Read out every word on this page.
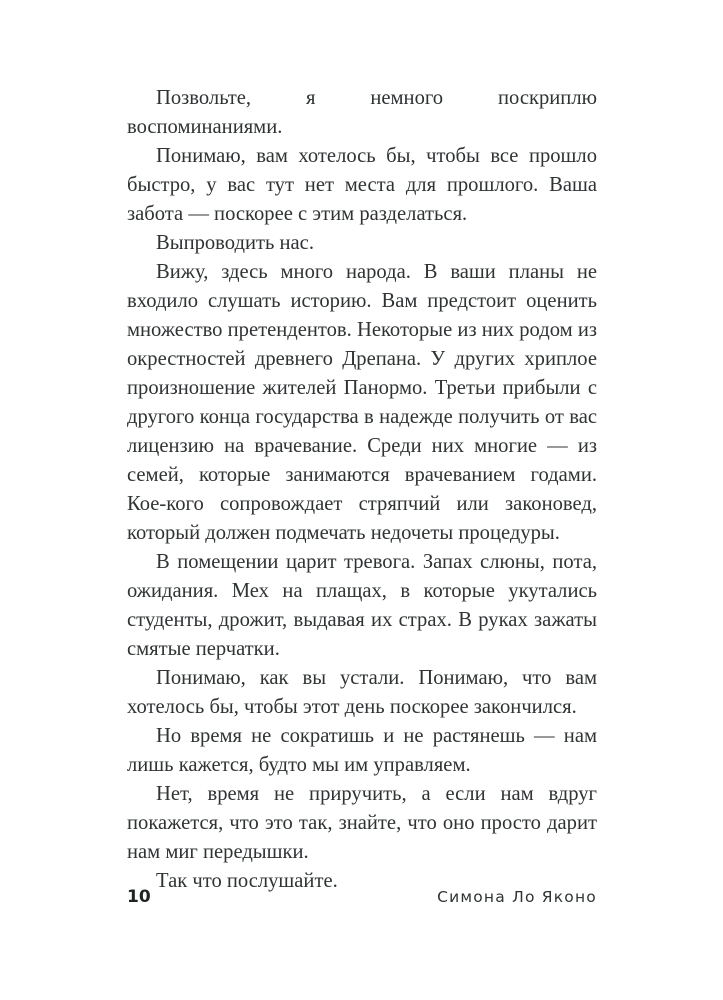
Позвольте, я немного поскриплю воспоминаниями.

Понимаю, вам хотелось бы, чтобы все прошло быстро, у вас тут нет места для прошлого. Ваша забота — поскорее с этим разделаться.

Выпроводить нас.

Вижу, здесь много народа. В ваши планы не входило слушать историю. Вам предстоит оценить множество претендентов. Некоторые из них родом из окрестностей древнего Дрепана. У других хриплое произношение жителей Панормо. Третьи прибыли с другого конца государства в надежде получить от вас лицензию на врачевание. Среди них многие — из семей, которые занимаются врачеванием годами. Кое-кого сопровождает стряпчий или законовед, который должен подмечать недочеты процедуры.

В помещении царит тревога. Запах слюны, пота, ожидания. Мех на плащах, в которые укутались студенты, дрожит, выдавая их страх. В руках зажаты смятые перчатки.

Понимаю, как вы устали. Понимаю, что вам хотелось бы, чтобы этот день поскорее закончился.

Но время не сократишь и не растянешь — нам лишь кажется, будто мы им управляем.

Нет, время не приручить, а если нам вдруг покажется, что это так, знайте, что оно просто дарит нам миг передышки.

Так что послушайте.

10	Симона Ло Яконо
